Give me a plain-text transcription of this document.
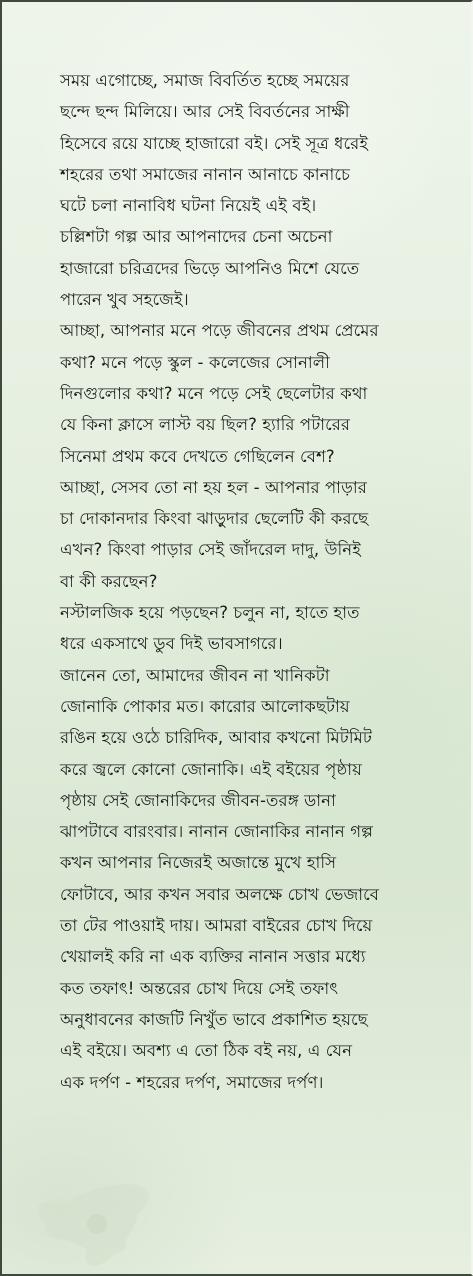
সময় এগোচ্ছে, সমাজ বিবর্তিত হচ্ছে সময়ের
ছন্দে ছন্দ মিলিয়ে। আর সেই বিবর্তনের সাক্ষী
হিসেবে রয়ে যাচ্ছে হাজারো বই। সেই সূত্র ধরেই
শহরের তথা সমাজের নানান আনাচে কানাচে
ঘটে চলা নানাবিধ ঘটনা নিয়েই এই বই।
চল্লিশটা গল্প আর আপনাদের চেনা অচেনা
হাজারো চরিত্রদের ভিড়ে আপনিও মিশে যেতে
পারেন খুব সহজেই।
আচ্ছা, আপনার মনে পড়ে জীবনের প্রথম প্রেমের
কথা? মনে পড়ে স্কুল - কলেজের সোনালী
দিনগুলোর কথা? মনে পড়ে সেই ছেলেটার কথা
যে কিনা ক্লাসে লাস্ট বয় ছিল? হ্যারি পটারের
সিনেমা প্রথম কবে দেখতে গেছিলেন বেশ?
আচ্ছা, সেসব তো না হয় হল - আপনার পাড়ার
চা দোকানদার কিংবা ঝাড়ুদার ছেলেটি কী করছে
এখন? কিংবা পাড়ার সেই জাঁদরেল দাদু, উনিই
বা কী করছেন?
নস্টালজিক হয়ে পড়ছেন? চলুন না, হাতে হাত
ধরে একসাথে ডুব দিই ভাবসাগরে।
জানেন তো, আমাদের জীবন না খানিকটা
জোনাকি পোকার মত। কারোর আলোকছটায়
রঙিন হয়ে ওঠে চারিদিক, আবার কখনো মিটমিট
করে জ্বলে কোনো জোনাকি। এই বইয়ের পৃষ্ঠায়
পৃষ্ঠায় সেই জোনাকিদের জীবন-তরঙ্গ ডানা
ঝাপটাবে বারংবার। নানান জোনাকির নানান গল্প
কখন আপনার নিজেরই অজান্তে মুখে হাসি
ফোটাবে, আর কখন সবার অলক্ষে চোখ ভেজাবে
তা টের পাওয়াই দায়। আমরা বাইরের চোখ দিয়ে
খেয়ালই করি না এক ব্যক্তির নানান সত্তার মধ্যে
কত তফাৎ! অন্তরের চোখ দিয়ে সেই তফাৎ
অনুধাবনের কাজটি নিখুঁত ভাবে প্রকাশিত হয়ছে
এই বইয়ে। অবশ্য এ তো ঠিক বই নয়, এ যেন
এক দর্পণ - শহরের দর্পণ, সমাজের দর্পণ।
